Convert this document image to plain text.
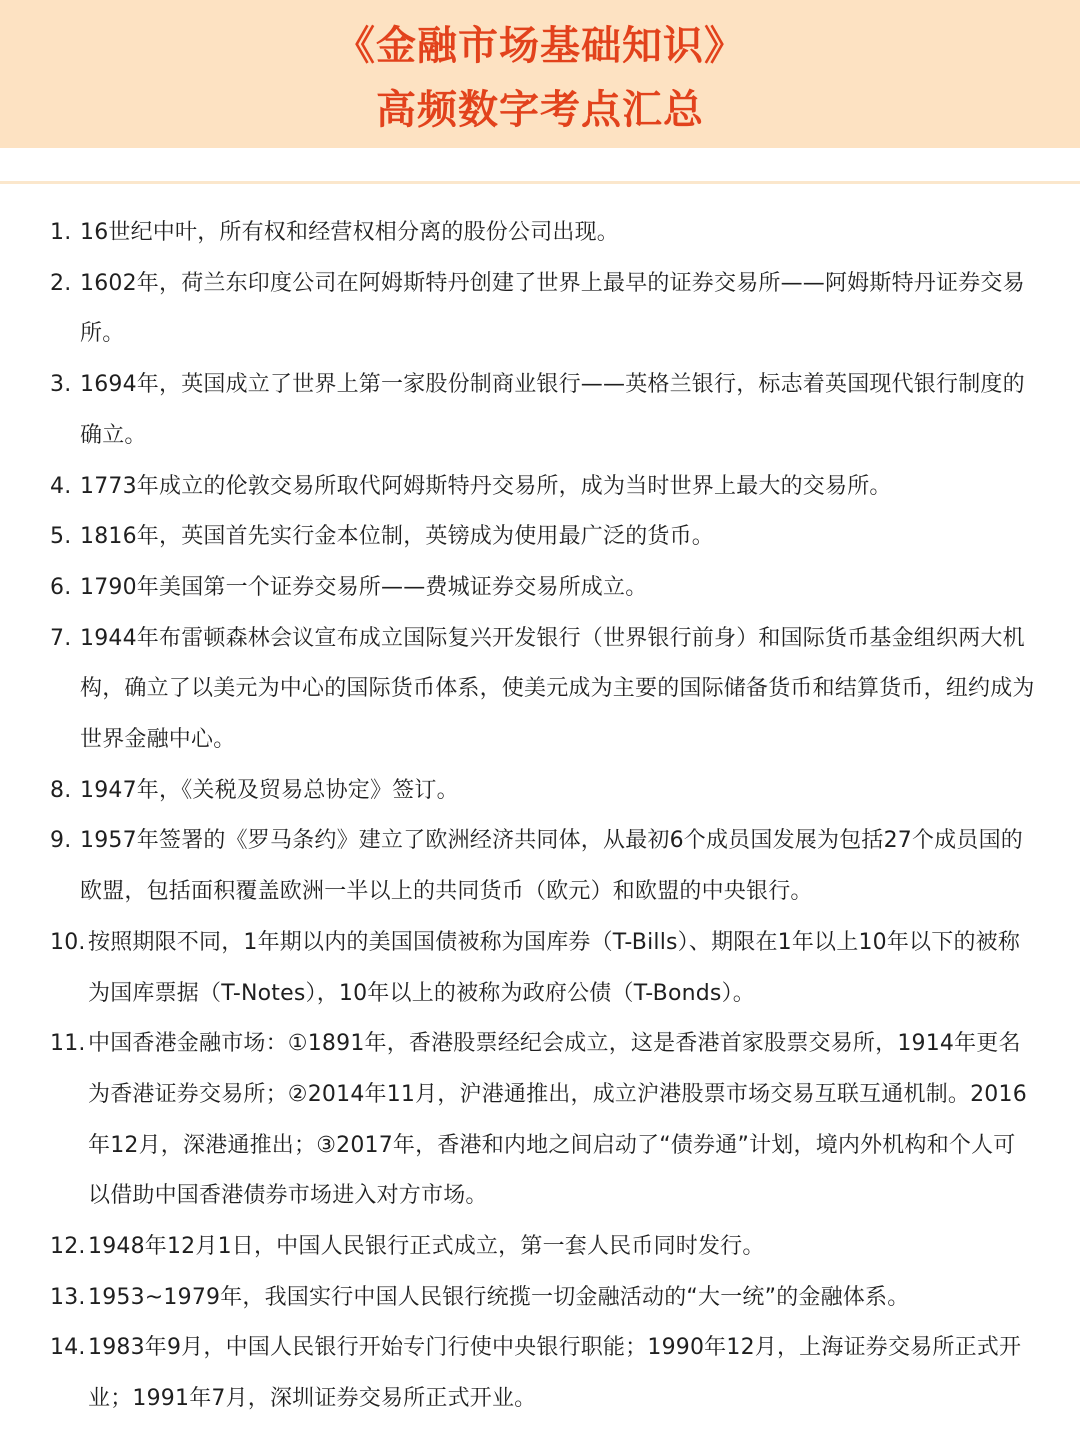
《金融市场基础知识》
高频数字考点汇总
1. 16世纪中叶，所有权和经营权相分离的股份公司出现。
2. 1602年，荷兰东印度公司在阿姆斯特丹创建了世界上最早的证券交易所——阿姆斯特丹证券交易所。
3. 1694年，英国成立了世界上第一家股份制商业银行——英格兰银行，标志着英国现代银行制度的确立。
4. 1773年成立的伦敦交易所取代阿姆斯特丹交易所，成为当时世界上最大的交易所。
5. 1816年，英国首先实行金本位制，英镑成为使用最广泛的货币。
6. 1790年美国第一个证券交易所——费城证券交易所成立。
7. 1944年布雷顿森林会议宣布成立国际复兴开发银行（世界银行前身）和国际货币基金组织两大机构，确立了以美元为中心的国际货币体系，使美元成为主要的国际储备货币和结算货币，纽约成为世界金融中心。
8. 1947年，《关税及贸易总协定》签订。
9. 1957年签署的《罗马条约》建立了欧洲经济共同体，从最初6个成员国发展为包括27个成员国的欧盟，包括面积覆盖欧洲一半以上的共同货币（欧元）和欧盟的中央银行。
10. 按照期限不同，1年期以内的美国国债被称为国库券（T-Bills）、期限在1年以上10年以下的被称为国库票据（T-Notes），10年以上的被称为政府公债（T-Bonds）。
11. 中国香港金融市场：①1891年，香港股票经纪会成立，这是香港首家股票交易所，1914年更名为香港证券交易所；②2014年11月，沪港通推出，成立沪港股票市场交易互联互通机制。2016年12月，深港通推出；③2017年，香港和内地之间启动了“债券通”计划，境内外机构和个人可以借助中国香港债券市场进入对方市场。
12. 1948年12月1日，中国人民银行正式成立，第一套人民币同时发行。
13. 1953~1979年，我国实行中国人民银行统揽一切金融活动的“大一统”的金融体系。
14. 1983年9月，中国人民银行开始专门行使中央银行职能；1990年12月，上海证券交易所正式开业；1991年7月，深圳证券交易所正式开业。
